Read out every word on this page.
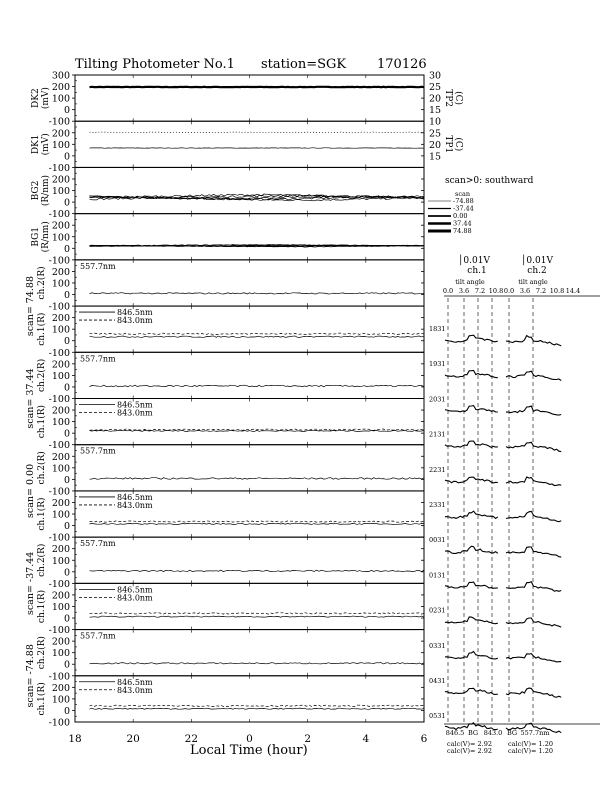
Tilting Photometer No.1 station=SGK 170126
Local Time (hour)
300
200
100
0
DK2 (mV)
30
25
20
15
TP2 (C)
-100
200
100
0
DK1 (mV)
10
25
20
15
TP1 (C)
-100
200
100
0
BG2 (R/nm)
-100
200
100
0
BG1 (R/nm)
-100
200
100
0
ch.2(R)
scan= 74.88
557.7nm
-100
200
100
0
ch.1(R)	846.5nm
843.0nm
-100
200
100
0
ch.2(R)
scan= 37.44
557.7nm
-100
200
100
0
ch.1(R)	846.5nm
843.0nm
-100
200
100
0
ch.2(R)
scan= 0.00
557.7nm
-100
200
100
0
ch.1(R)	846.5nm
843.0nm
-100
200
100
0
ch.2(R)
scan= -37.44
557.7nm
-100
200
100
0
ch.1(R)	846.5nm
843.0nm
-100
200
100
0
ch.2(R)
scan= -74.88
557.7nm
-100
200
100
0
-100
ch.1(R)	846.5nm
843.0nm
18	20	22	0	2	4	6
scan>0: southward
scan
-74.88
-37.44
0.00
37.44
74.88
│0.01V	│0.01V
ch.1	ch.2
tilt angle	tilt angle
0.0 3.6 7.2 10.8 0.0 3.6 7.2 10.8 14.4
1831
1931
2031
2131
2231
2331
0031
0131
0231
0331
0431
0531
846.5 BG 843.0 BG 557.7nm
calc(V)= 2.92
calc(V)= 2.92
calc(V)= 1.20
calc(V)= 1.20
